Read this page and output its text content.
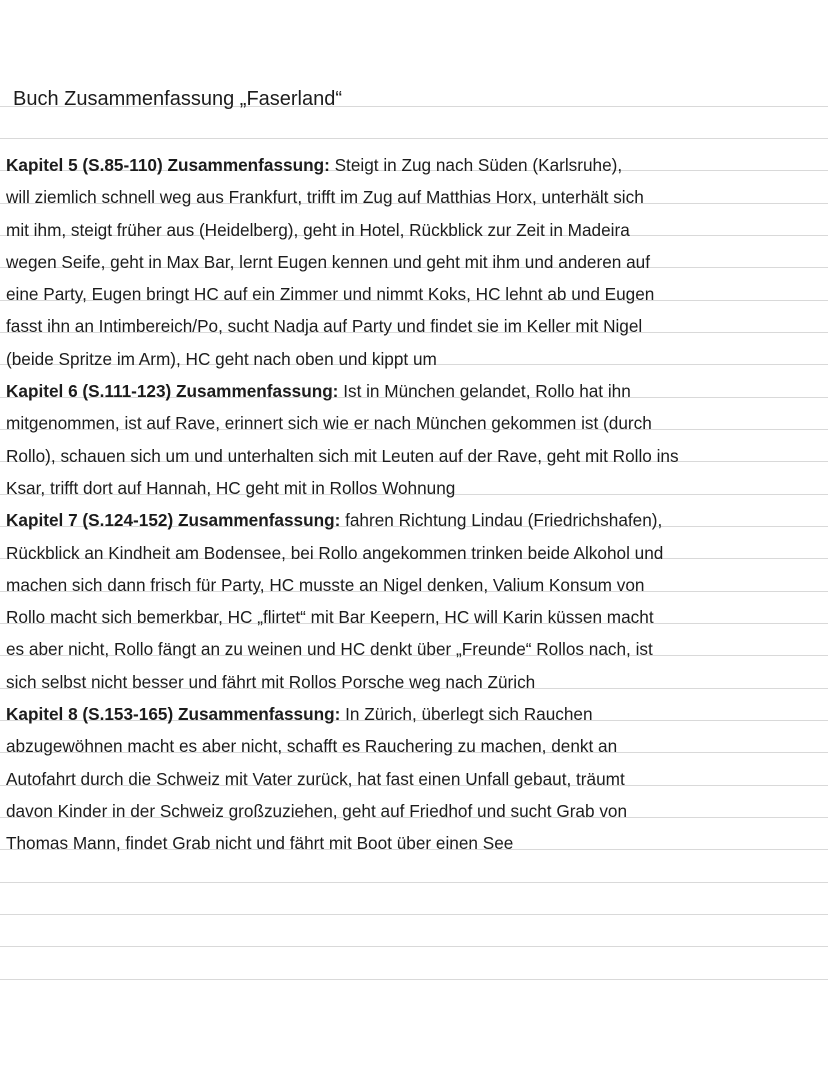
Buch Zusammenfassung „Faserland“
Kapitel 5 (S.85-110) Zusammenfassung: Steigt in Zug nach Süden (Karlsruhe),
will ziemlich schnell weg aus Frankfurt, trifft im Zug auf Matthias Horx, unterhält sich
mit ihm, steigt früher aus (Heidelberg), geht in Hotel, Rückblick zur Zeit in Madeira
wegen Seife, geht in Max Bar, lernt Eugen kennen und geht mit ihm und anderen auf
eine Party, Eugen bringt HC auf ein Zimmer und nimmt Koks, HC lehnt ab und Eugen
fasst ihn an Intimbereich/Po, sucht Nadja auf Party und findet sie im Keller mit Nigel
(beide Spritze im Arm), HC geht nach oben und kippt um
Kapitel 6 (S.111-123) Zusammenfassung: Ist in München gelandet, Rollo hat ihn
mitgenommen, ist auf Rave, erinnert sich wie er nach München gekommen ist (durch
Rollo), schauen sich um und unterhalten sich mit Leuten auf der Rave, geht mit Rollo ins
Ksar, trifft dort auf Hannah, HC geht mit in Rollos Wohnung
Kapitel 7 (S.124-152) Zusammenfassung: fahren Richtung Lindau (Friedrichshafen),
Rückblick an Kindheit am Bodensee, bei Rollo angekommen trinken beide Alkohol und
machen sich dann frisch für Party, HC musste an Nigel denken, Valium Konsum von
Rollo macht sich bemerkbar, HC „flirtet“ mit Bar Keepern, HC will Karin küssen macht
es aber nicht, Rollo fängt an zu weinen und HC denkt über „Freunde“ Rollos nach, ist
sich selbst nicht besser und fährt mit Rollos Porsche weg nach Zürich
Kapitel 8 (S.153-165) Zusammenfassung: In Zürich, überlegt sich Rauchen
abzugewöhnen macht es aber nicht, schafft es Rauchering zu machen, denkt an
Autofahrt durch die Schweiz mit Vater zurück, hat fast einen Unfall gebaut, träumt
davon Kinder in der Schweiz großzuziehen, geht auf Friedhof und sucht Grab von
Thomas Mann, findet Grab nicht und fährt mit Boot über einen See
